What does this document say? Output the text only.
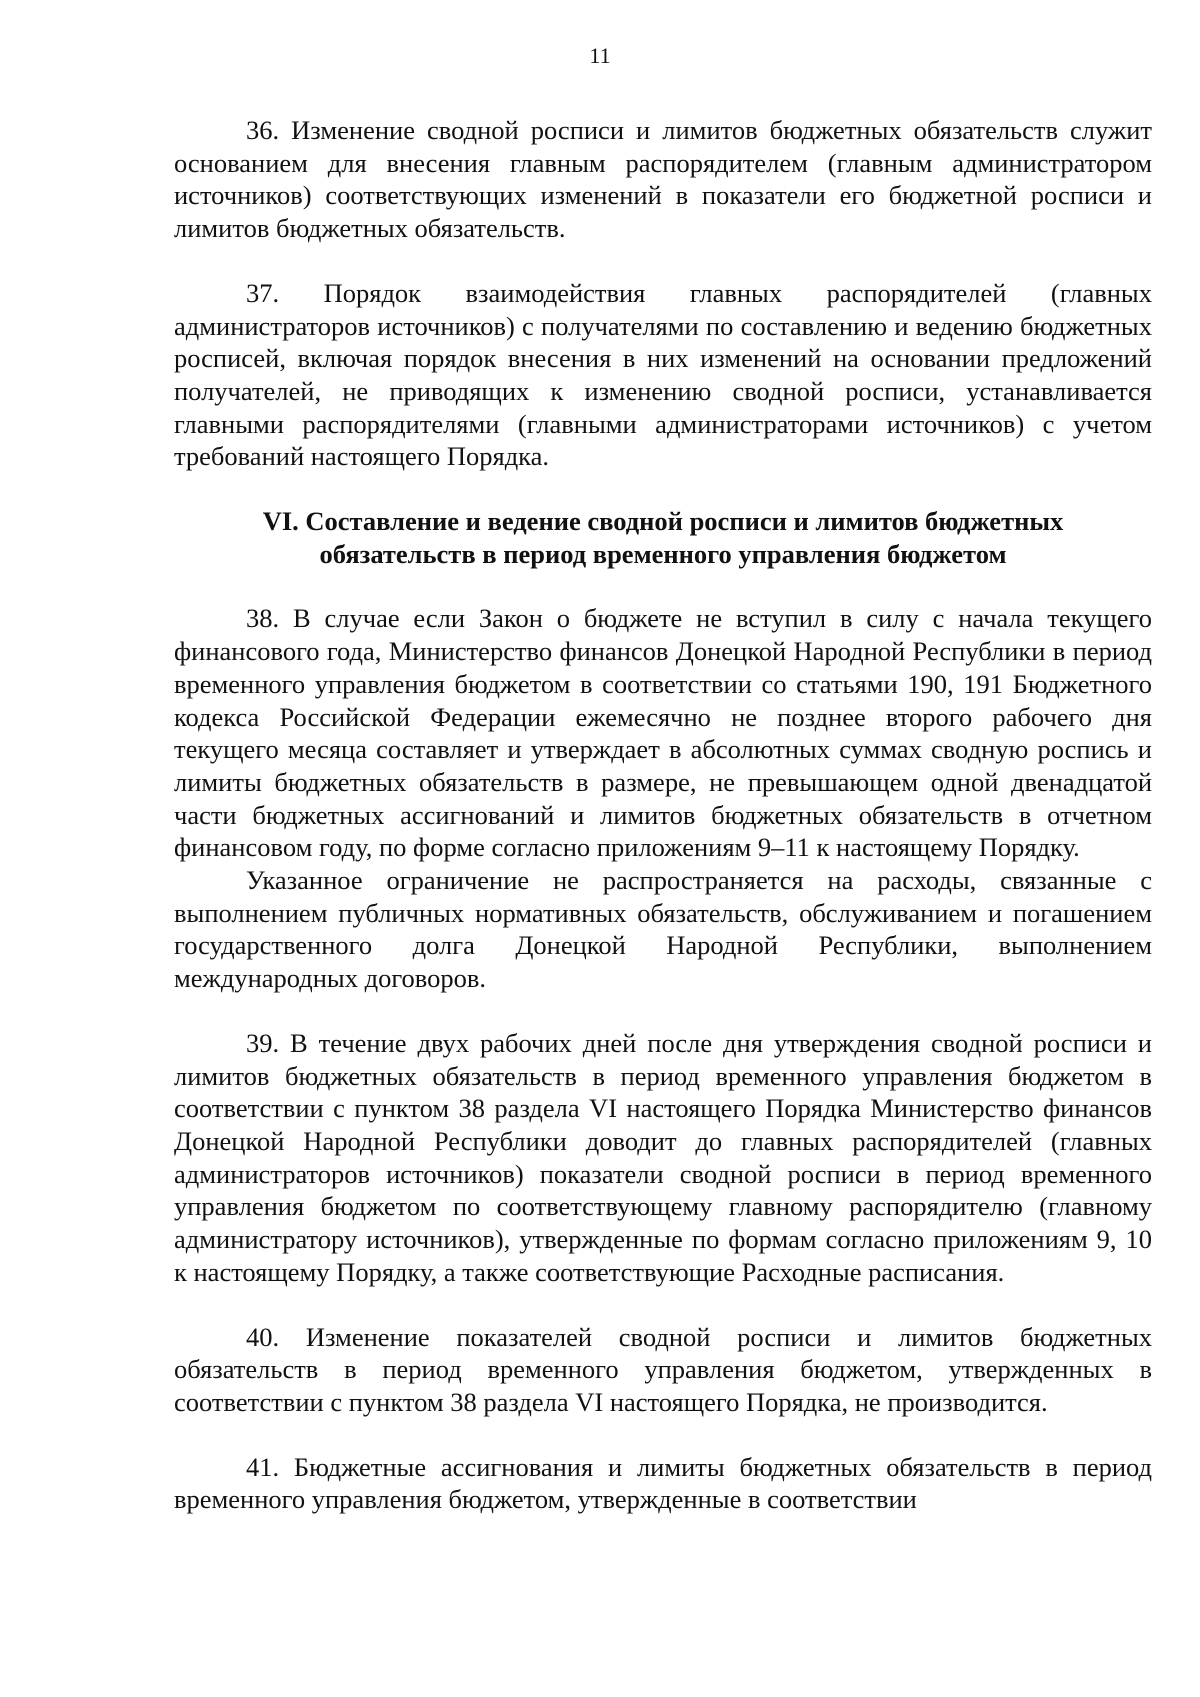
11

36. Изменение сводной росписи и лимитов бюджетных обязательств служит основанием для внесения главным распорядителем (главным администратором источников) соответствующих изменений в показатели его бюджетной росписи и лимитов бюджетных обязательств.

37. Порядок взаимодействия главных распорядителей (главных администраторов источников) с получателями по составлению и ведению бюджетных росписей, включая порядок внесения в них изменений на основании предложений получателей, не приводящих к изменению сводной росписи, устанавливается главными распорядителями (главными администраторами источников) с учетом требований настоящего Порядка.

VI. Составление и ведение сводной росписи и лимитов бюджетных
обязательств в период временного управления бюджетом

38. В случае если Закон о бюджете не вступил в силу с начала текущего финансового года, Министерство финансов Донецкой Народной Республики в период временного управления бюджетом в соответствии со статьями 190, 191 Бюджетного кодекса Российской Федерации ежемесячно не позднее второго рабочего дня текущего месяца составляет и утверждает в абсолютных суммах сводную роспись и лимиты бюджетных обязательств в размере, не превышающем одной двенадцатой части бюджетных ассигнований и лимитов бюджетных обязательств в отчетном финансовом году, по форме согласно приложениям 9–11 к настоящему Порядку.

Указанное ограничение не распространяется на расходы, связанные с выполнением публичных нормативных обязательств, обслуживанием и погашением государственного долга Донецкой Народной Республики, выполнением международных договоров.

39. В течение двух рабочих дней после дня утверждения сводной росписи и лимитов бюджетных обязательств в период временного управления бюджетом в соответствии с пунктом 38 раздела VI настоящего Порядка Министерство финансов Донецкой Народной Республики доводит до главных распорядителей (главных администраторов источников) показатели сводной росписи в период временного управления бюджетом по соответствующему главному распорядителю (главному администратору источников), утвержденные по формам согласно приложениям 9, 10 к настоящему Порядку, а также соответствующие Расходные расписания.

40. Изменение показателей сводной росписи и лимитов бюджетных обязательств в период временного управления бюджетом, утвержденных в соответствии с пунктом 38 раздела VI настоящего Порядка, не производится.

41. Бюджетные ассигнования и лимиты бюджетных обязательств в период временного управления бюджетом, утвержденные в соответствии
